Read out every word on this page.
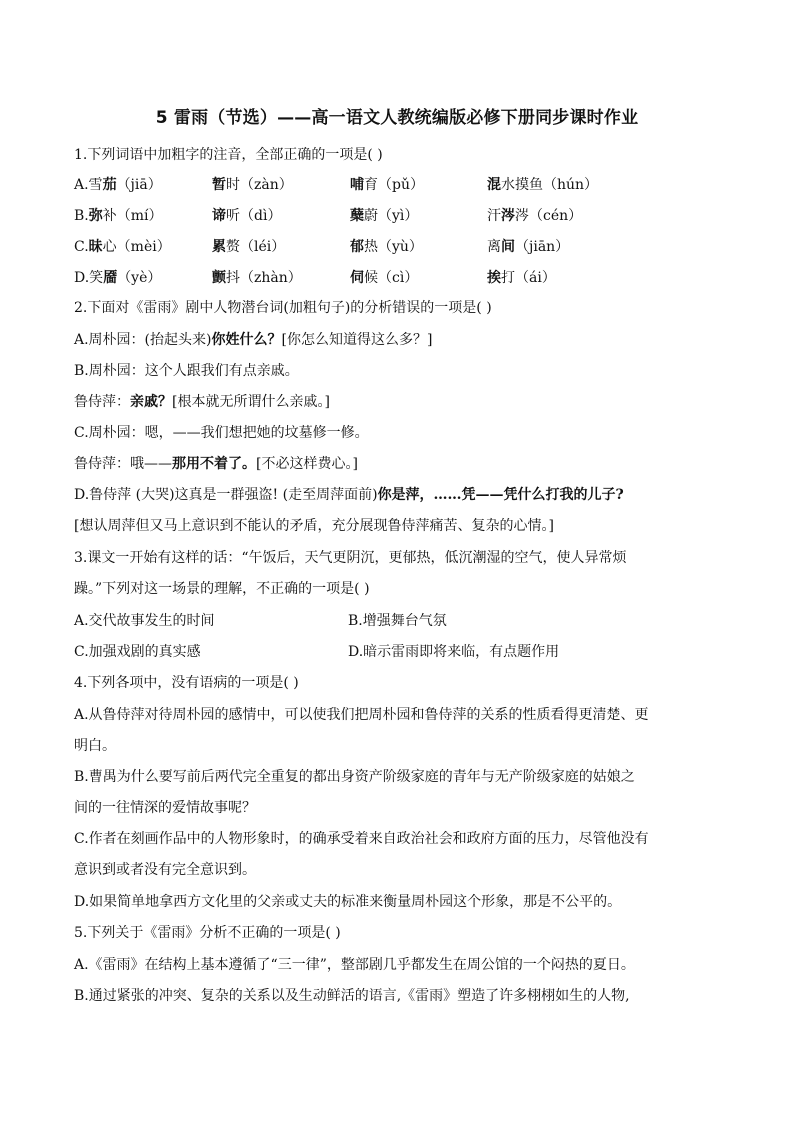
5 雷雨（节选）——高一语文人教统编版必修下册同步课时作业
1.下列词语中加粗字的注音，全部正确的一项是( )
A.雪茄（jiā）	暂时（zàn）	哺育（pǔ）	混水摸鱼（hún）
B.弥补（mí）	谛听（dì）	蘖蔚（yì）	汗涔涔（cén）
C.昧心（mèi）	累赘（léi）	郁热（yù）	离间（jiān）
D.笑靥（yè）	颤抖（zhàn）	伺候（cì）	挨打（ái）
2.下面对《雷雨》剧中人物潜台词(加粗句子)的分析错误的一项是( )
A.周朴园：(抬起头来)你姓什么？[你怎么知道得这么多？]
B.周朴园：这个人跟我们有点亲戚。
鲁侍萍：亲戚？[根本就无所谓什么亲戚。]
C.周朴园：嗯，——我们想把她的坟墓修一修。
鲁侍萍：哦——那用不着了。[不必这样费心。]
D.鲁侍萍 (大哭)这真是一群强盗! (走至周萍面前)你是萍，……凭——凭什么打我的儿子?
[想认周萍但又马上意识到不能认的矛盾，充分展现鲁侍萍痛苦、复杂的心情。]
3.课文一开始有这样的话：“午饭后，天气更阴沉，更郁热，低沉潮湿的空气，使人异常烦
躁。”下列对这一场景的理解，不正确的一项是( )
A.交代故事发生的时间	B.增强舞台气氛
C.加强戏剧的真实感	D.暗示雷雨即将来临，有点题作用
4.下列各项中，没有语病的一项是( )
A.从鲁侍萍对待周朴园的感情中，可以使我们把周朴园和鲁侍萍的关系的性质看得更清楚、更
明白。
B.曹禺为什么要写前后两代完全重复的都出身资产阶级家庭的青年与无产阶级家庭的姑娘之
间的一往情深的爱情故事呢？
C.作者在刻画作品中的人物形象时，的确承受着来自政治社会和政府方面的压力，尽管他没有
意识到或者没有完全意识到。
D.如果简单地拿西方文化里的父亲或丈夫的标准来衡量周朴园这个形象，那是不公平的。
5.下列关于《雷雨》分析不正确的一项是( )
A.《雷雨》在结构上基本遵循了“三一律”，整部剧几乎都发生在周公馆的一个闷热的夏日。
B.通过紧张的冲突、复杂的关系以及生动鲜活的语言,《雷雨》塑造了许多栩栩如生的人物,
